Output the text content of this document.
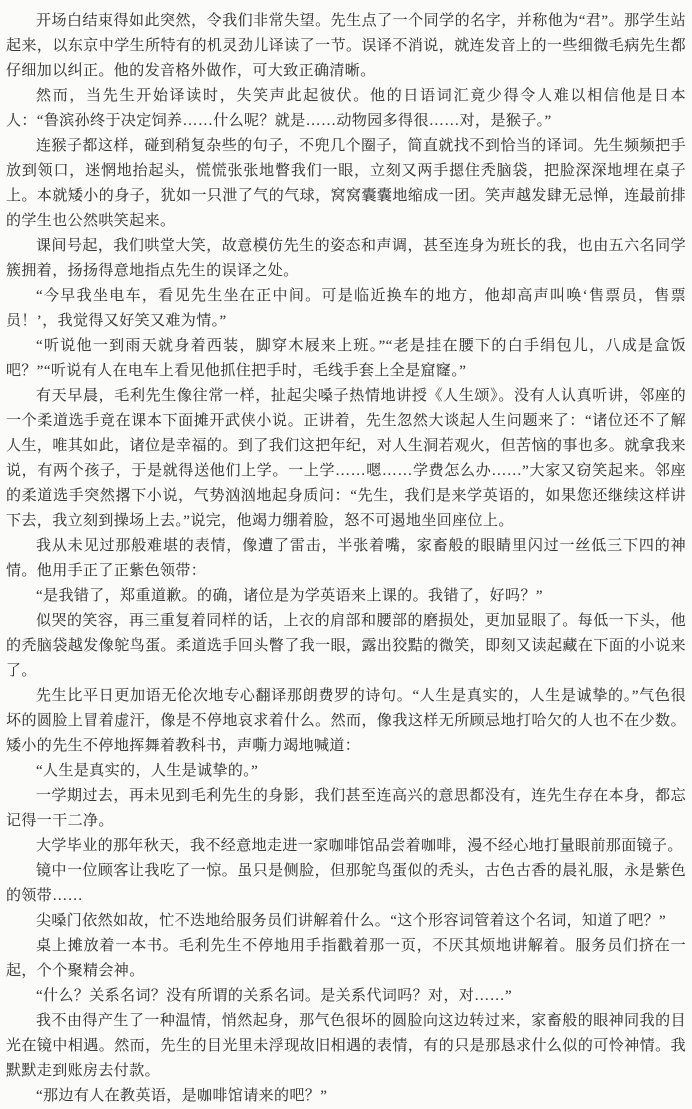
开场白结束得如此突然，令我们非常失望。先生点了一个同学的名字，并称他为“君”。那学生站起来，以东京中学生所特有的机灵劲儿译读了一节。误译不消说，就连发音上的一些细微毛病先生都仔细加以纠正。他的发音格外做作，可大致正确清晰。

然而，当先生开始译读时，失笑声此起彼伏。他的日语词汇竟少得令人难以相信他是日本人：“鲁滨孙终于决定饲养……什么呢？就是……动物园多得很……对，是猴子。”

连猴子都这样，碰到稍复杂些的句子，不兜几个圈子，简直就找不到恰当的译词。先生频频把手放到领口，迷惘地抬起头，慌慌张张地瞥我们一眼，立刻又两手摁住秃脑袋，把脸深深地埋在桌子上。本就矮小的身子，犹如一只泄了气的气球，窝窝囊囊地缩成一团。笑声越发肆无忌惮，连最前排的学生也公然哄笑起来。

课间号起，我们哄堂大笑，故意模仿先生的姿态和声调，甚至连身为班长的我，也由五六名同学簇拥着，扬扬得意地指点先生的误译之处。

“今早我坐电车，看见先生坐在正中间。可是临近换车的地方，他却高声叫唤‘售票员，售票员！’，我觉得又好笑又难为情。”

“听说他一到雨天就身着西装，脚穿木屐来上班。”“老是挂在腰下的白手绢包儿，八成是盒饭吧？”“听说有人在电车上看见他抓住把手时，毛线手套上全是窟窿。”

有天早晨，毛利先生像往常一样，扯起尖嗓子热情地讲授《人生颂》。没有人认真听讲，邻座的一个柔道选手竟在课本下面摊开武侠小说。正讲着，先生忽然大谈起人生问题来了：“诸位还不了解人生，唯其如此，诸位是幸福的。到了我们这把年纪，对人生洞若观火，但苦恼的事也多。就拿我来说，有两个孩子，于是就得送他们上学。一上学……嗯……学费怎么办……”大家又窃笑起来。邻座的柔道选手突然撂下小说，气势汹汹地起身质问：“先生，我们是来学英语的，如果您还继续这样讲下去，我立刻到操场上去。”说完，他竭力绷着脸，怒不可遏地坐回座位上。

我从未见过那般难堪的表情，像遭了雷击，半张着嘴，家畜般的眼睛里闪过一丝低三下四的神情。他用手正了正紫色领带：

“是我错了，郑重道歉。的确，诸位是为学英语来上课的。我错了，好吗？”

似哭的笑容，再三重复着同样的话，上衣的肩部和腰部的磨损处，更加显眼了。每低一下头，他的秃脑袋越发像鸵鸟蛋。柔道选手回头瞥了我一眼，露出狡黠的微笑，即刻又读起藏在下面的小说来了。

先生比平日更加语无伦次地专心翻译那朗费罗的诗句。“人生是真实的，人生是诚挚的。”气色很坏的圆脸上冒着虚汗，像是不停地哀求着什么。然而，像我这样无所顾忌地打哈欠的人也不在少数。矮小的先生不停地挥舞着教科书，声嘶力竭地喊道：

“人生是真实的，人生是诚挚的。”

一学期过去，再未见到毛利先生的身影，我们甚至连高兴的意思都没有，连先生存在本身，都忘记得一干二净。

大学毕业的那年秋天，我不经意地走进一家咖啡馆品尝着咖啡，漫不经心地打量眼前那面镜子。

镜中一位顾客让我吃了一惊。虽只是侧脸，但那鸵鸟蛋似的秃头，古色古香的晨礼服，永是紫色的领带……

尖嗓门依然如故，忙不迭地给服务员们讲解着什么。“这个形容词管着这个名词，知道了吧？”

桌上摊放着一本书。毛利先生不停地用手指戳着那一页，不厌其烦地讲解着。服务员们挤在一起，个个聚精会神。

“什么？关系名词？没有所谓的关系名词。是关系代词吗？对，对……”

我不由得产生了一种温情，悄然起身，那气色很坏的圆脸向这边转过来，家畜般的眼神同我的目光在镜中相遇。然而，先生的目光里未浮现故旧相遇的表情，有的只是那恳求什么似的可怜神情。我默默走到账房去付款。

“那边有人在教英语，是咖啡馆请来的吧？”
